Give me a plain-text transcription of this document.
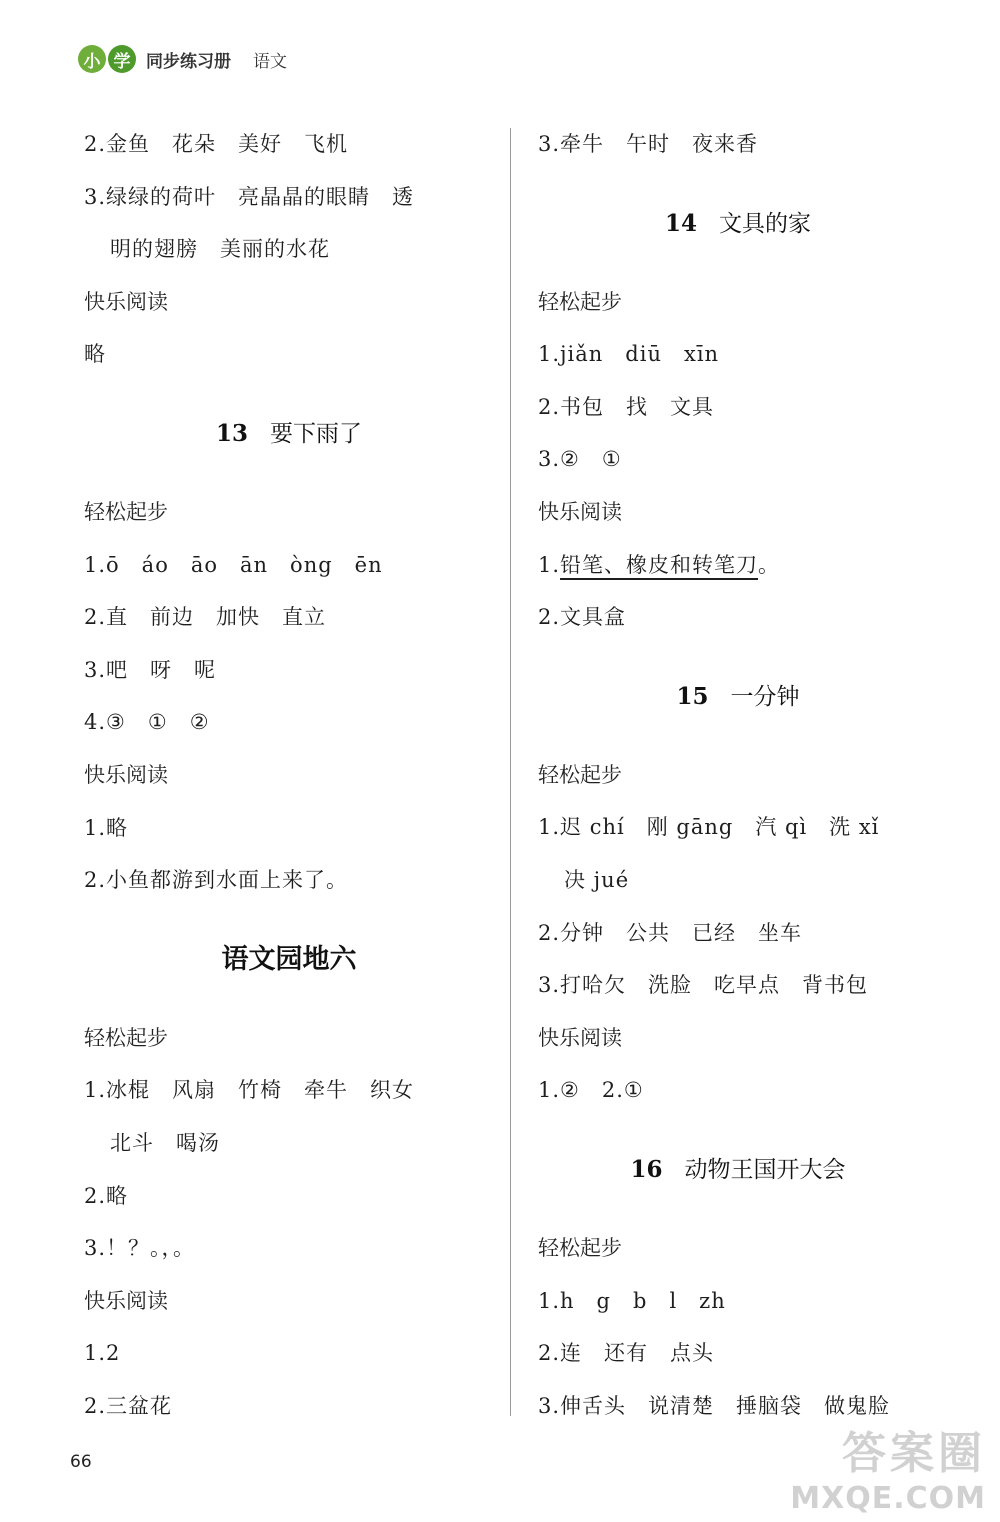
小 学 同步练习册 语文
2.金鱼　花朵　美好　飞机
3.绿绿的荷叶　亮晶晶的眼睛　透
明的翅膀　美丽的水花
快乐阅读
略
13 要下雨了
轻松起步
1.ō　áo　āo　ān　òng　ēn
2.直　前边　加快　直立
3.吧　呀　呢
4.③　①　②
快乐阅读
1.略
2.小鱼都游到水面上来了。
语文园地六
轻松起步
1.冰棍　风扇　竹椅　牵牛　织女
北斗　喝汤
2.略
3.！？。，。
快乐阅读
1.2
2.三盆花
3.牵牛　午时　夜来香
14 文具的家
轻松起步
1.jiǎn　diū　xīn
2.书包　找　文具
3.②　①
快乐阅读
1.铅笔、橡皮和转笔刀。
2.文具盒
15 一分钟
轻松起步
1.迟 chí　刚 gāng　汽 qì　洗 xǐ
决 jué
2.分钟　公共　已经　坐车
3.打哈欠　洗脸　吃早点　背书包
快乐阅读
1.②　2.①
16 动物王国开大会
轻松起步
1.h　g　b　l　zh
2.连　还有　点头
3.伸舌头　说清楚　捶脑袋　做鬼脸
66	答案圈
MXQE.COM
